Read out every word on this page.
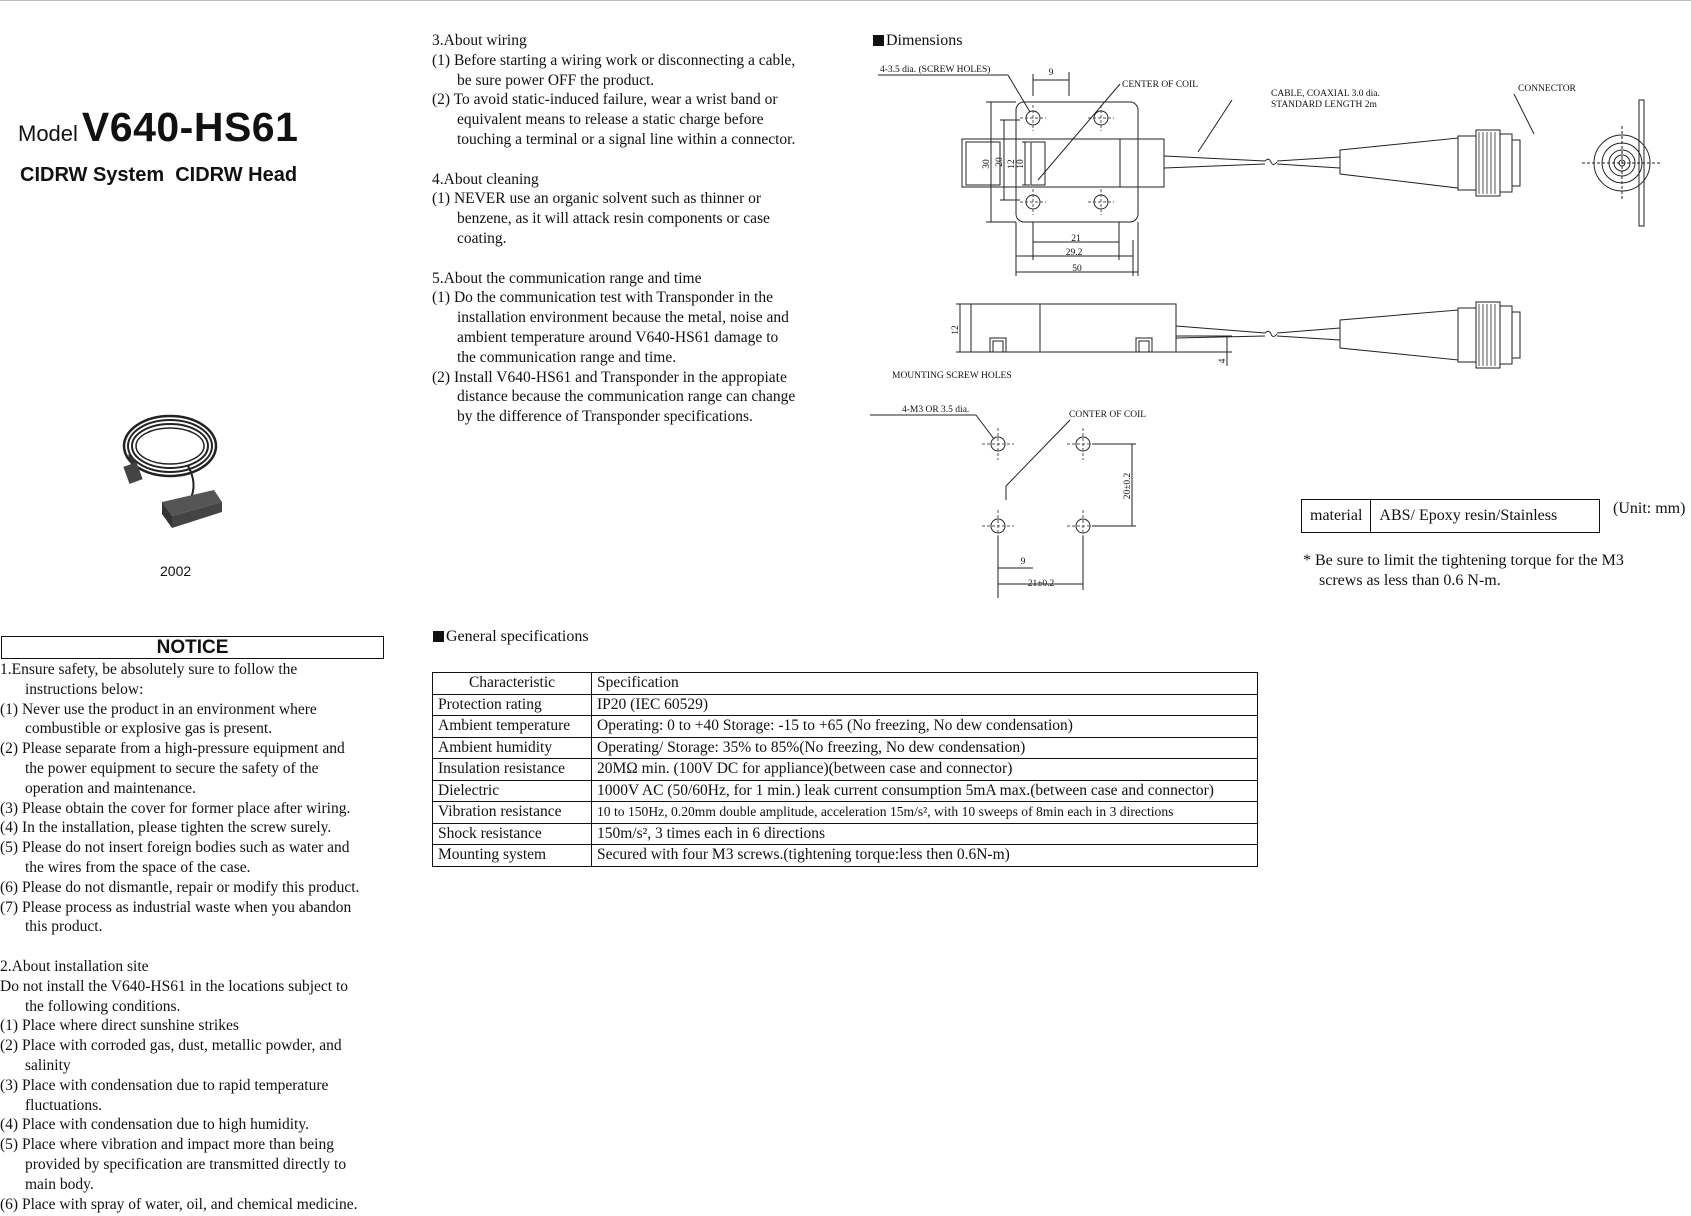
Model V640-HS61
CIDRW System  CIDRW Head
2002
NOTICE

1.Ensure safety, be absolutely sure to follow the

instructions below:

(1) Never use the product in an environment where

combustible or explosive gas is present.

(2) Please separate from a high-pressure equipment and

the power equipment to secure the safety of the

operation and maintenance.

(3) Please obtain the cover for former place after wiring.

(4) In the installation, please tighten the screw surely.

(5) Please do not insert foreign bodies such as water and

the wires from the space of the case.

(6) Please do not dismantle, repair or modify this product.

(7) Please process as industrial waste when you abandon

this product.

2.About installation site

Do not install the V640-HS61 in the locations subject to

the following conditions.

(1) Place where direct sunshine strikes

(2) Place with corroded gas, dust, metallic powder, and

salinity

(3) Place with condensation due to rapid temperature

fluctuations.

(4) Place with condensation due to high humidity.

(5) Place where vibration and impact more than being

provided by specification are transmitted directly to

main body.

(6) Place with spray of water, oil, and chemical medicine.

3.About wiring

(1) Before starting a wiring work or disconnecting a cable,

be sure power OFF the product.

(2) To avoid static-induced failure, wear a wrist band or

equivalent means to release a static charge before

touching a terminal or a signal line within a connector.

4.About cleaning

(1) NEVER use an organic solvent such as thinner or

benzene, as it will attack resin components or case

coating.

5.About the communication range and time

(1) Do the communication test with Transponder in the

installation environment because the metal, noise and

ambient temperature around V640-HS61 damage to

the communication range and time.

(2) Install V640-HS61 and Transponder in the appropiate

distance because the communication range can change

by the difference of Transponder specifications.

Dimensions
4-3.5 dia. (SCREW HOLES)
CENTER OF COIL
CABLE, COAXIAL 3.0 dia.
STANDARD LENGTH 2m
CONNECTOR
MOUNTING SCREW HOLES
4-M3 OR 3.5 dia.	CONTER OF COIL
9
21
29.2
50
30 20 12 10
12
4
20±0.2
9
21±0.2
material	ABS/ Epoxy resin/Stainless	(Unit: mm)

* Be sure to limit the tightening torque for the M3

screws as less than 0.6 N-m.

General specifications
Characteristic	Specification
Protection rating	IP20 (IEC 60529)
Ambient temperature	Operating: 0 to +40 Storage: -15 to +65 (No freezing, No dew condensation)
Ambient humidity	Operating/ Storage: 35% to 85%(No freezing, No dew condensation)
Insulation resistance	20MΩ min. (100V DC for appliance)(between case and connector)
Dielectric	1000V AC (50/60Hz, for 1 min.) leak current consumption 5mA max.(between case and connector)
Vibration resistance	10 to 150Hz, 0.20mm double amplitude, acceleration 15m/s², with 10 sweeps of 8min each in 3 directions
Shock resistance	150m/s², 3 times each in 6 directions
Mounting system	Secured with four M3 screws.(tightening torque:less then 0.6N-m)
